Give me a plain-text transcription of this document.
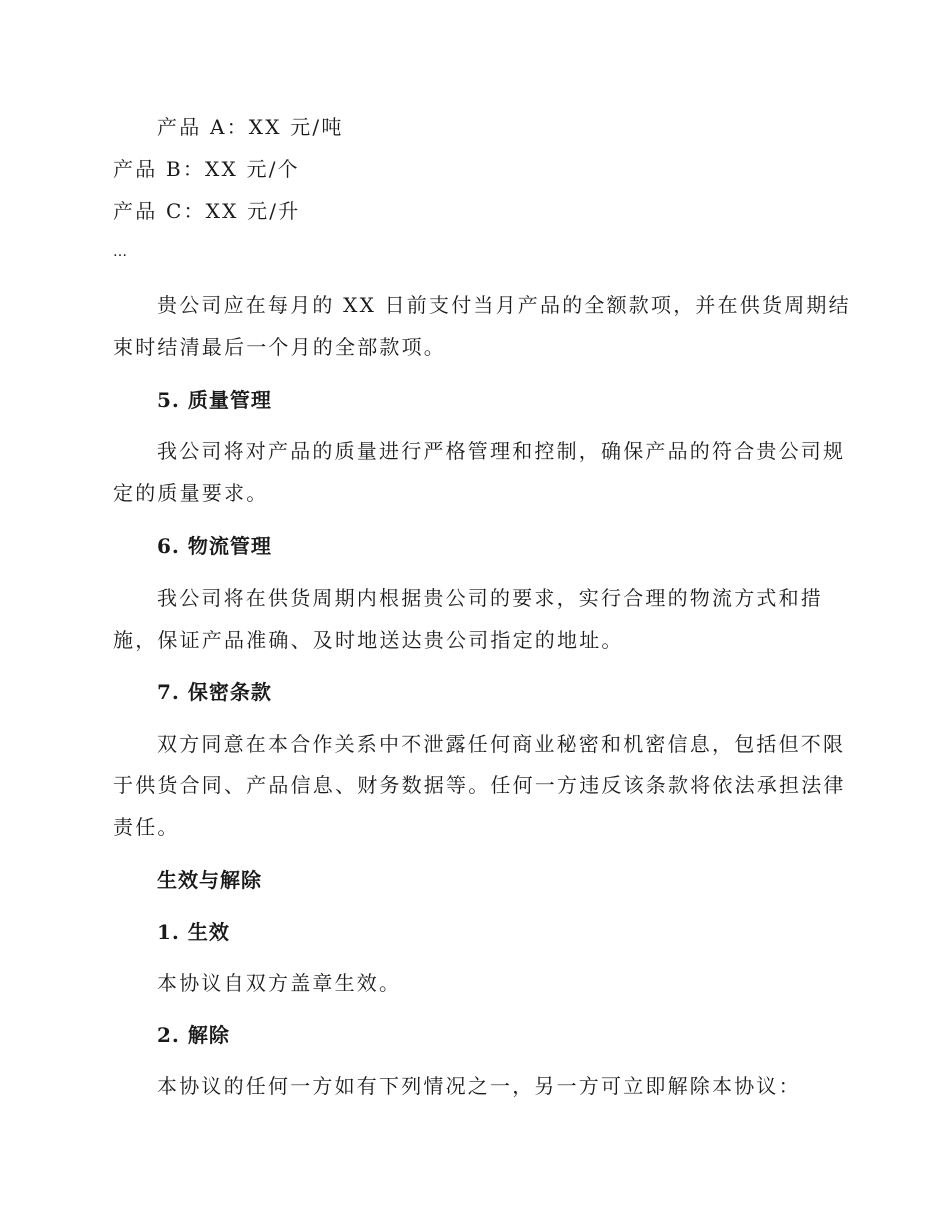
产品 A：XX 元/吨
产品 B：XX 元/个
产品 C：XX 元/升
…
贵公司应在每月的 XX 日前支付当月产品的全额款项，并在供货周期结
束时结清最后一个月的全部款项。
5. 质量管理
我公司将对产品的质量进行严格管理和控制，确保产品的符合贵公司规
定的质量要求。
6. 物流管理
我公司将在供货周期内根据贵公司的要求，实行合理的物流方式和措
施，保证产品准确、及时地送达贵公司指定的地址。
7. 保密条款
双方同意在本合作关系中不泄露任何商业秘密和机密信息，包括但不限
于供货合同、产品信息、财务数据等。任何一方违反该条款将依法承担法律
责任。
生效与解除
1. 生效
本协议自双方盖章生效。
2. 解除
本协议的任何一方如有下列情况之一，另一方可立即解除本协议：
